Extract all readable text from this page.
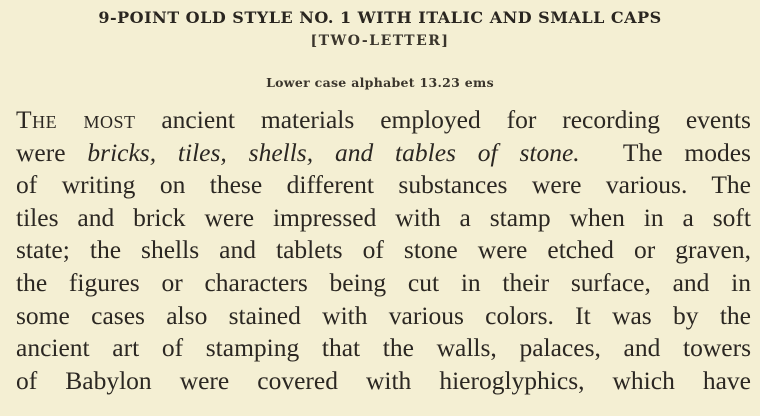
9-POINT OLD STYLE NO. 1 WITH ITALIC AND SMALL CAPS
[TWO-LETTER]
Lower case alphabet 13.23 ems
The most ancient materials employed for recording events
were bricks, tiles, shells, and tables of stone.  The modes
of writing on these different substances were various. The
tiles and brick were impressed with a stamp when in a soft
state; the shells and tablets of stone were etched or graven,
the figures or characters being cut in their surface, and in
some cases also stained with various colors. It was by the
ancient art of stamping that the walls, palaces, and towers
of Babylon were covered with hieroglyphics, which have
